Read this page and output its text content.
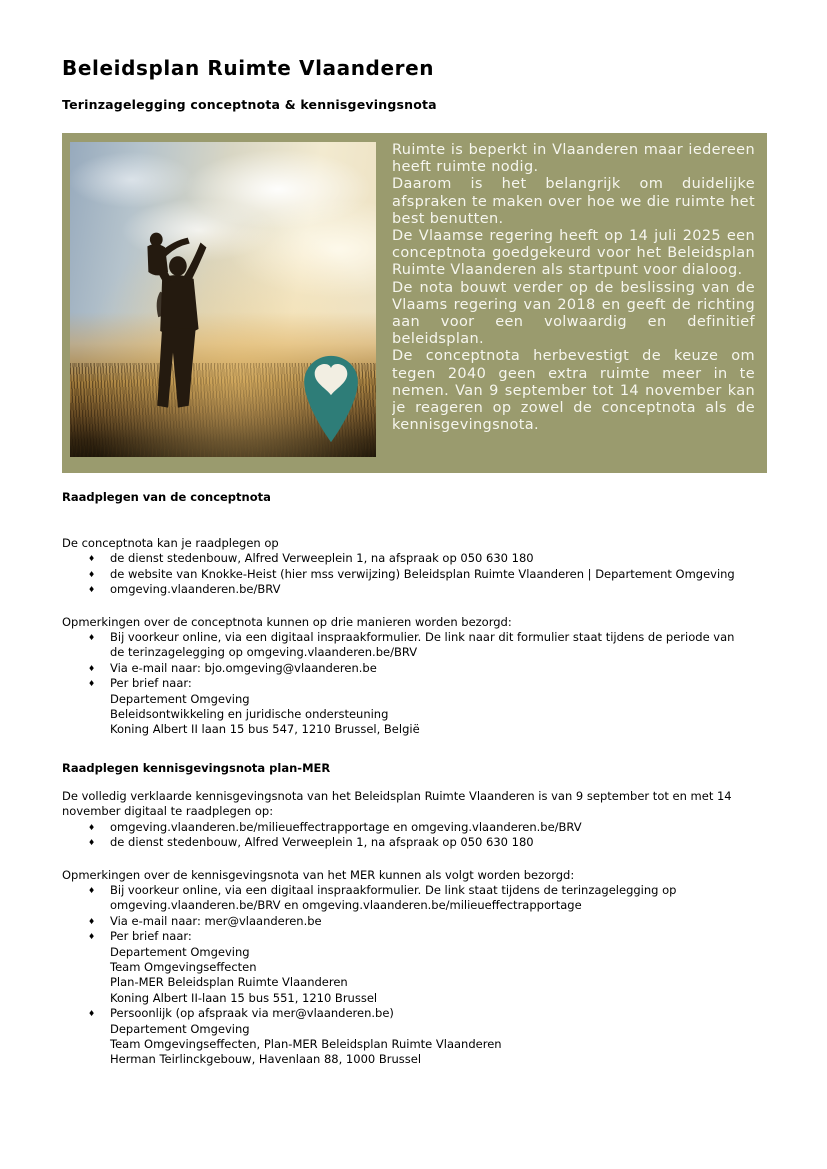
Beleidsplan Ruimte Vlaanderen
Terinzagelegging conceptnota & kennisgevingsnota

Ruimte is beperkt in Vlaanderen maar iedereen heeft ruimte nodig.

Daarom is het belangrijk om duidelijke afspraken te maken over hoe we die ruimte het best benutten.

De Vlaamse regering heeft op 14 juli 2025 een conceptnota goedgekeurd voor het Beleidsplan Ruimte Vlaanderen als startpunt voor dialoog.

De nota bouwt verder op de beslissing van de Vlaams regering van 2018 en geeft de richting aan voor een volwaardig en definitief beleidsplan.

De conceptnota herbevestigt de keuze om tegen 2040 geen extra ruimte meer in te nemen. Van 9 september tot 14 november kan je reageren op zowel de conceptnota als de kennisgevingsnota.

Raadplegen van de conceptnota

De conceptnota kan je raadplegen op

♦	de dienst stedenbouw, Alfred Verweeplein 1, na afspraak op 050 630 180
♦	de website van Knokke-Heist (hier mss verwijzing) Beleidsplan Ruimte Vlaanderen | Departement Omgeving
♦	omgeving.vlaanderen.be/BRV

Opmerkingen over de conceptnota kunnen op drie manieren worden bezorgd:

♦	Bij voorkeur online, via een digitaal inspraakformulier. De link naar dit formulier staat tijdens de periode van de terinzagelegging op omgeving.vlaanderen.be/BRV
♦	Via e-mail naar: bjo.omgeving@vlaanderen.be
♦	Per brief naar:
Departement Omgeving
Beleidsontwikkeling en juridische ondersteuning
Koning Albert II laan 15 bus 547, 1210 Brussel, België
Raadplegen kennisgevingsnota plan-MER

De volledig verklaarde kennisgevingsnota van het Beleidsplan Ruimte Vlaanderen is van 9 september tot en met 14 november digitaal te raadplegen op:

♦	omgeving.vlaanderen.be/milieueffectrapportage en omgeving.vlaanderen.be/BRV
♦	de dienst stedenbouw, Alfred Verweeplein 1, na afspraak op 050 630 180

Opmerkingen over de kennisgevingsnota van het MER kunnen als volgt worden bezorgd:

♦	Bij voorkeur online, via een digitaal inspraakformulier. De link staat tijdens de terinzagelegging op omgeving.vlaanderen.be/BRV en omgeving.vlaanderen.be/milieueffectrapportage
♦	Via e-mail naar: mer@vlaanderen.be
♦	Per brief naar:
Departement Omgeving
Team Omgevingseffecten
Plan-MER Beleidsplan Ruimte Vlaanderen
Koning Albert II-laan 15 bus 551, 1210 Brussel
♦	Persoonlijk (op afspraak via mer@vlaanderen.be)
Departement Omgeving
Team Omgevingseffecten, Plan-MER Beleidsplan Ruimte Vlaanderen
Herman Teirlinckgebouw, Havenlaan 88, 1000 Brussel
